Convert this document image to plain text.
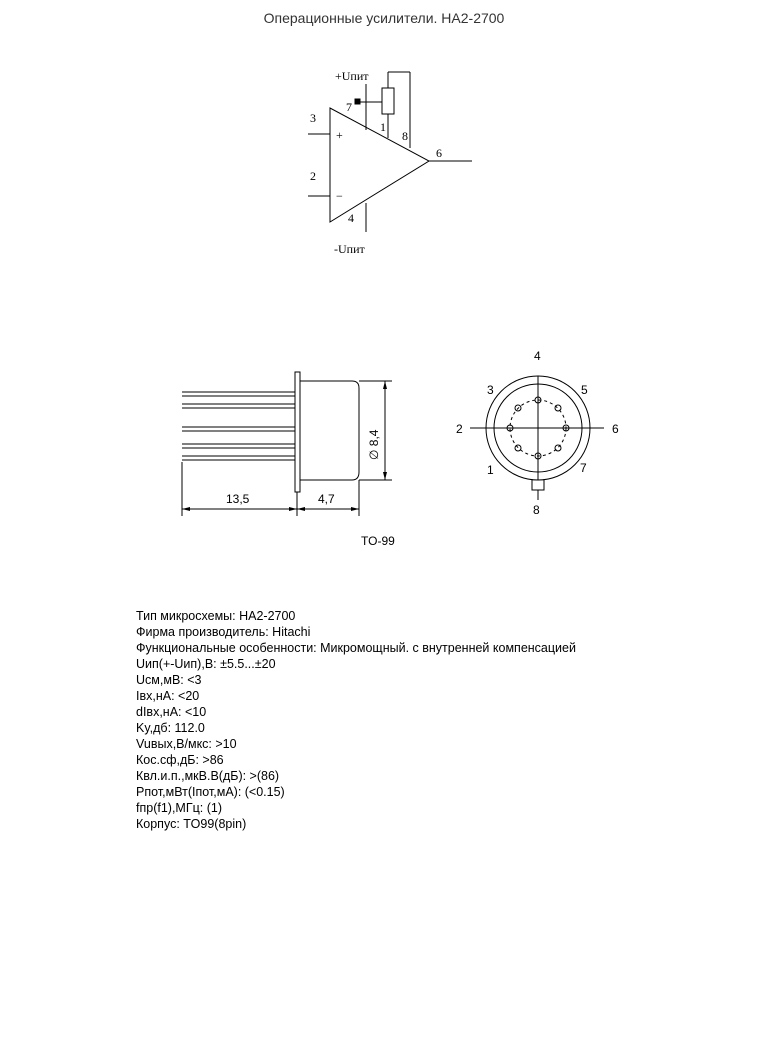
Операционные усилители. HA2-2700
+Uпит
-Uпит
3
2
7
1
8
4
6
+
−
13,5	4,7
∅ 8,4
TO-99
4
3	5
2	6
1	7
8
Тип микросхемы: HA2-2700
Фирма производитель: Hitachi
Функциональные особенности: Микромощный. с внутренней компенсацией
Uип(+-Uип),В: ±5.5...±20
Uсм,мВ: <3
Iвх,нА: <20
dIвх,нА: <10
Ky,дб: 112.0
Vuвых,В/мкс: >10
Кос.сф,дБ: >86
Квл.и.п.,мкВ.В(дБ): >(86)
Pпот,мВт(Iпот,мА): (<0.15)
fпр(f1),МГц: (1)
Корпус: TO99(8pin)
